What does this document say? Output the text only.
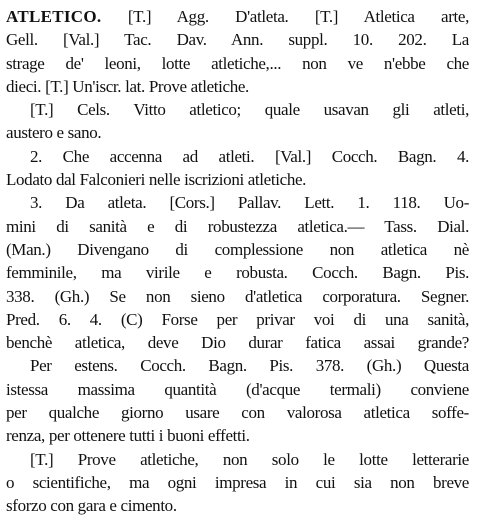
ATLETICO. [T.] Agg. D'atleta. [T.] Atletica arte,
Gell. [Val.] Tac. Dav. Ann. suppl. 10. 202. La
strage de' leoni, lotte atletiche,... non ve n'ebbe che
dieci. [T.] Un'iscr. lat. Prove atletiche.
[T.] Cels. Vitto atletico; quale usavan gli atleti,
austero e sano.
2. Che accenna ad atleti. [Val.] Cocch. Bagn. 4.
Lodato dal Falconieri nelle iscrizioni atletiche.
3. Da atleta. [Cors.] Pallav. Lett. 1. 118. Uo-
mini di sanità e di robustezza atletica.— Tass. Dial.
(Man.) Divengano di complessione non atletica nè
femminile, ma virile e robusta. Cocch. Bagn. Pis.
338. (Gh.) Se non sieno d'atletica corporatura. Segner.
Pred. 6. 4. (C) Forse per privar voi di una sanità,
benchè atletica, deve Dio durar fatica assai grande?
Per estens. Cocch. Bagn. Pis. 378. (Gh.) Questa
istessa massima quantità (d'acque termali) conviene
per qualche giorno usare con valorosa atletica soffe-
renza, per ottenere tutti i buoni effetti.
[T.] Prove atletiche, non solo le lotte letterarie
o scientifiche, ma ogni impresa in cui sia non breve
sforzo con gara e cimento.
